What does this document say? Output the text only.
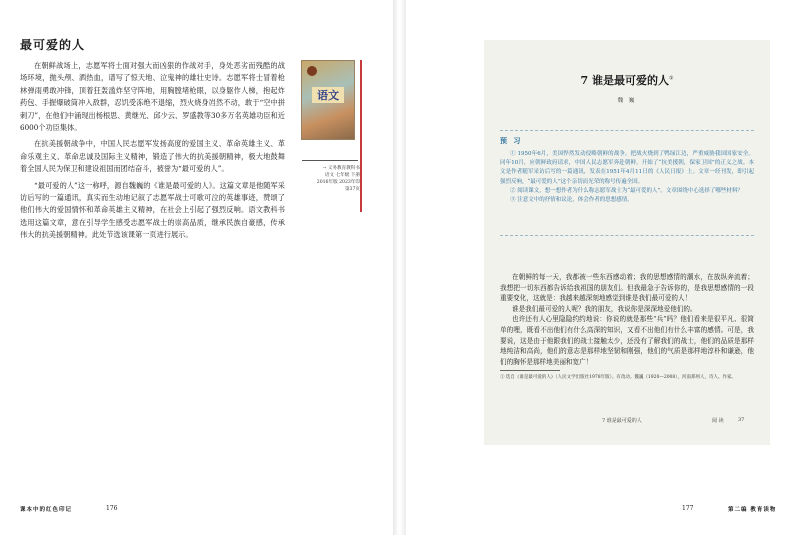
最可爱的人

在朝鲜战场上，志愿军将士面对强大而凶狠的作战对手，身处恶劣而残酷的战场环境，抛头颅、洒热血，谱写了惊天地、泣鬼神的雄壮史诗。志愿军将士冒着枪林弹雨勇敢冲锋，顶着狂轰滥炸坚守阵地，用胸膛堵枪眼，以身躯作人梯，抱起炸药包、手握爆破筒冲入敌群，忍饥受冻绝不退缩，烈火烧身岿然不动，敢于“空中拼刺刀”，在他们中涌现出杨根思、黄继光、邱少云、罗盛教等30多万名英雄功臣和近6000个功臣集体。

在抗美援朝战争中，中国人民志愿军发扬高度的爱国主义、革命英雄主义、革命乐观主义、革命忠诚及国际主义精神，锻造了伟大的抗美援朝精神，极大地鼓舞着全国人民为保卫和建设祖国而团结奋斗，被誉为“最可爱的人”。

“最可爱的人”这一称呼，源自魏巍的《谁是最可爱的人》。这篇文章是他随军采访后写的一篇通讯，真实而生动地记叙了志愿军战士可歌可泣的英雄事迹，赞颂了他们伟大的爱国情怀和革命英雄主义精神，在社会上引起了强烈反响。语文教科书选用这篇文章，意在引导学生感受志愿军战士的崇高品质，继承民族自豪感，传承伟大的抗美援朝精神。此处节选该课第一页进行展示。

语文
→ 义务教育教科书
语文 七年级 下册
2016年版 2023年印
第37页
课本中的红色印记	176
7 谁是最可爱的人①
魏 巍
预 习

① 1950年6月，美国悍然发动侵略朝鲜的战争，把战火烧到了鸭绿江边，严重威胁我国国家安全。同年10月，应朝鲜政府请求，中国人民志愿军奔赴朝鲜，开始了“抗美援朝，保家卫国”的正义之战。本文是作者随军采访后写的一篇通讯，发表在1951年4月11日的《人民日报》上。文章一经刊发，即引起强烈反响，“最可爱的人”这个亲切而光荣的称号传遍全国。

② 阅读课文，想一想作者为什么称志愿军战士为“最可爱的人”。文章围绕中心选择了哪些材料？

③ 注意文中的抒情和议论，体会作者的思想感情。

在朝鲜的每一天，我都被一些东西感动着；我的思想感情的潮水，在放纵奔流着；我想把一切东西都告诉给我祖国的朋友们。但我最急于告诉你的，是我思想感情的一段重要变化，这就是：我越来越深刻地感觉到谁是我们最可爱的人！

谁是我们最可爱的人呢？我的朋友，我说你是深深地爱他们的。

也许还有人心里隐隐约约地说：你说的就是那些“兵”吗？他们看来是很平凡、很简单的哩，既看不出他们有什么高深的知识，又看不出他们有什么丰富的感情。可是，我要说，这是由于他跟我们的战士接触太少，还没有了解我们的战士，他们的品质是那样地纯洁和高尚，他们的意志是那样地坚韧和刚强，他们的气质是那样地淳朴和谦逊，他们的胸怀是那样地美丽和宽广！

① 选自《谁是最可爱的人》（人民文学出版社1978年版）。有改动。魏巍（1920—2008），河南郑州人，诗人、作家。
7 谁是最可爱的人	阅 读	37
177	第二编 教育读物
